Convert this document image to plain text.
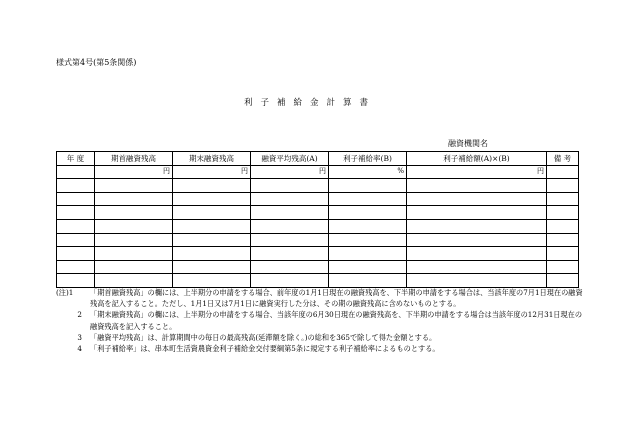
様式第4号(第5条関係)
利子補給金計算書
融資機関名
年 度	期首融資残高	期末融資残高	融資平均残高(A)	利子補給率(B)	利子補給額(A)×(B)	備 考
	円	円	円	%	円	

(注)1	「期首融資残高」の欄には、上半期分の申請をする場合、前年度の1月1日現在の融資残高を、下半期の申請をする場合は、当該年度の7月1日現在の融資残高を記入すること。ただし、1月1日又は7月1日に融資実行した分は、その期の融資残高に含めないものとする。
2	「期末融資残高」の欄には、上半期分の申請をする場合、当該年度の6月30日現在の融資残高を、下半期の申請をする場合は当該年度の12月31日現在の融資残高を記入すること。
3	「融資平均残高」は、計算期間中の毎日の最高残高(延滞額を除く。)の総和を365で除して得た金額とする。
4	「利子補給率」は、串本町生活資農資金利子補給金交付要綱第5条に規定する利子補給率によるものとする。
